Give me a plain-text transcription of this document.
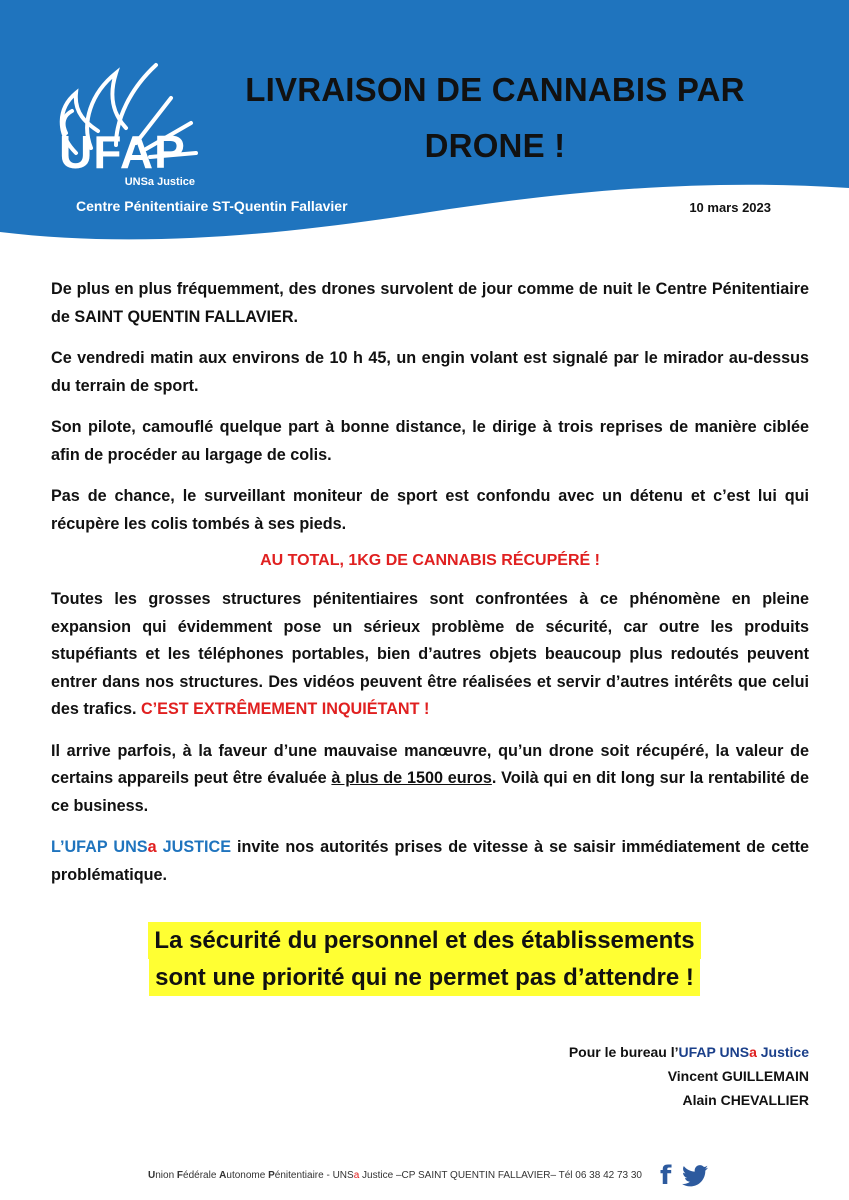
UFAP
UNSa Justice
Centre Pénitentiaire ST-Quentin Fallavier
LIVRAISON DE CANNABIS PAR
DRONE !
10 mars 2023

De plus en plus fréquemment, des drones survolent de jour comme de nuit le Centre Pénitentiaire de SAINT QUENTIN FALLAVIER.

Ce vendredi matin aux environs de 10 h 45, un engin volant est signalé par le mirador au-dessus du terrain de sport.

Son pilote, camouflé quelque part à bonne distance, le dirige à trois reprises de manière ciblée afin de procéder au largage de colis.

Pas de chance, le surveillant moniteur de sport est confondu avec un détenu et c’est lui qui récupère les colis tombés à ses pieds.

AU TOTAL, 1KG DE CANNABIS RÉCUPÉRÉ !

Toutes les grosses structures pénitentiaires sont confrontées à ce phénomène en pleine expansion qui évidemment pose un sérieux problème de sécurité, car outre les produits stupéfiants et les téléphones portables, bien d’autres objets beaucoup plus redoutés peuvent entrer dans nos structures. Des vidéos peuvent être réalisées et servir d’autres intérêts que celui des trafics. C’EST EXTRÊMEMENT INQUIÉTANT !

Il arrive parfois, à la faveur d’une mauvaise manœuvre, qu’un drone soit récupéré, la valeur de certains appareils peut être évaluée à plus de 1500 euros. Voilà qui en dit long sur la rentabilité de ce business.

L’UFAP UNSa JUSTICE invite nos autorités prises de vitesse à se saisir immédiatement de cette problématique.

La sécurité du personnel et des établissements
sont une priorité qui ne permet pas d’attendre !
Pour le bureau l’UFAP UNSa Justice
Vincent GUILLEMAIN
Alain CHEVALLIER
Union Fédérale Autonome Pénitentiaire - UNSa Justice –CP SAINT QUENTIN FALLAVIER– Tél 06 38 42 73 30 f
